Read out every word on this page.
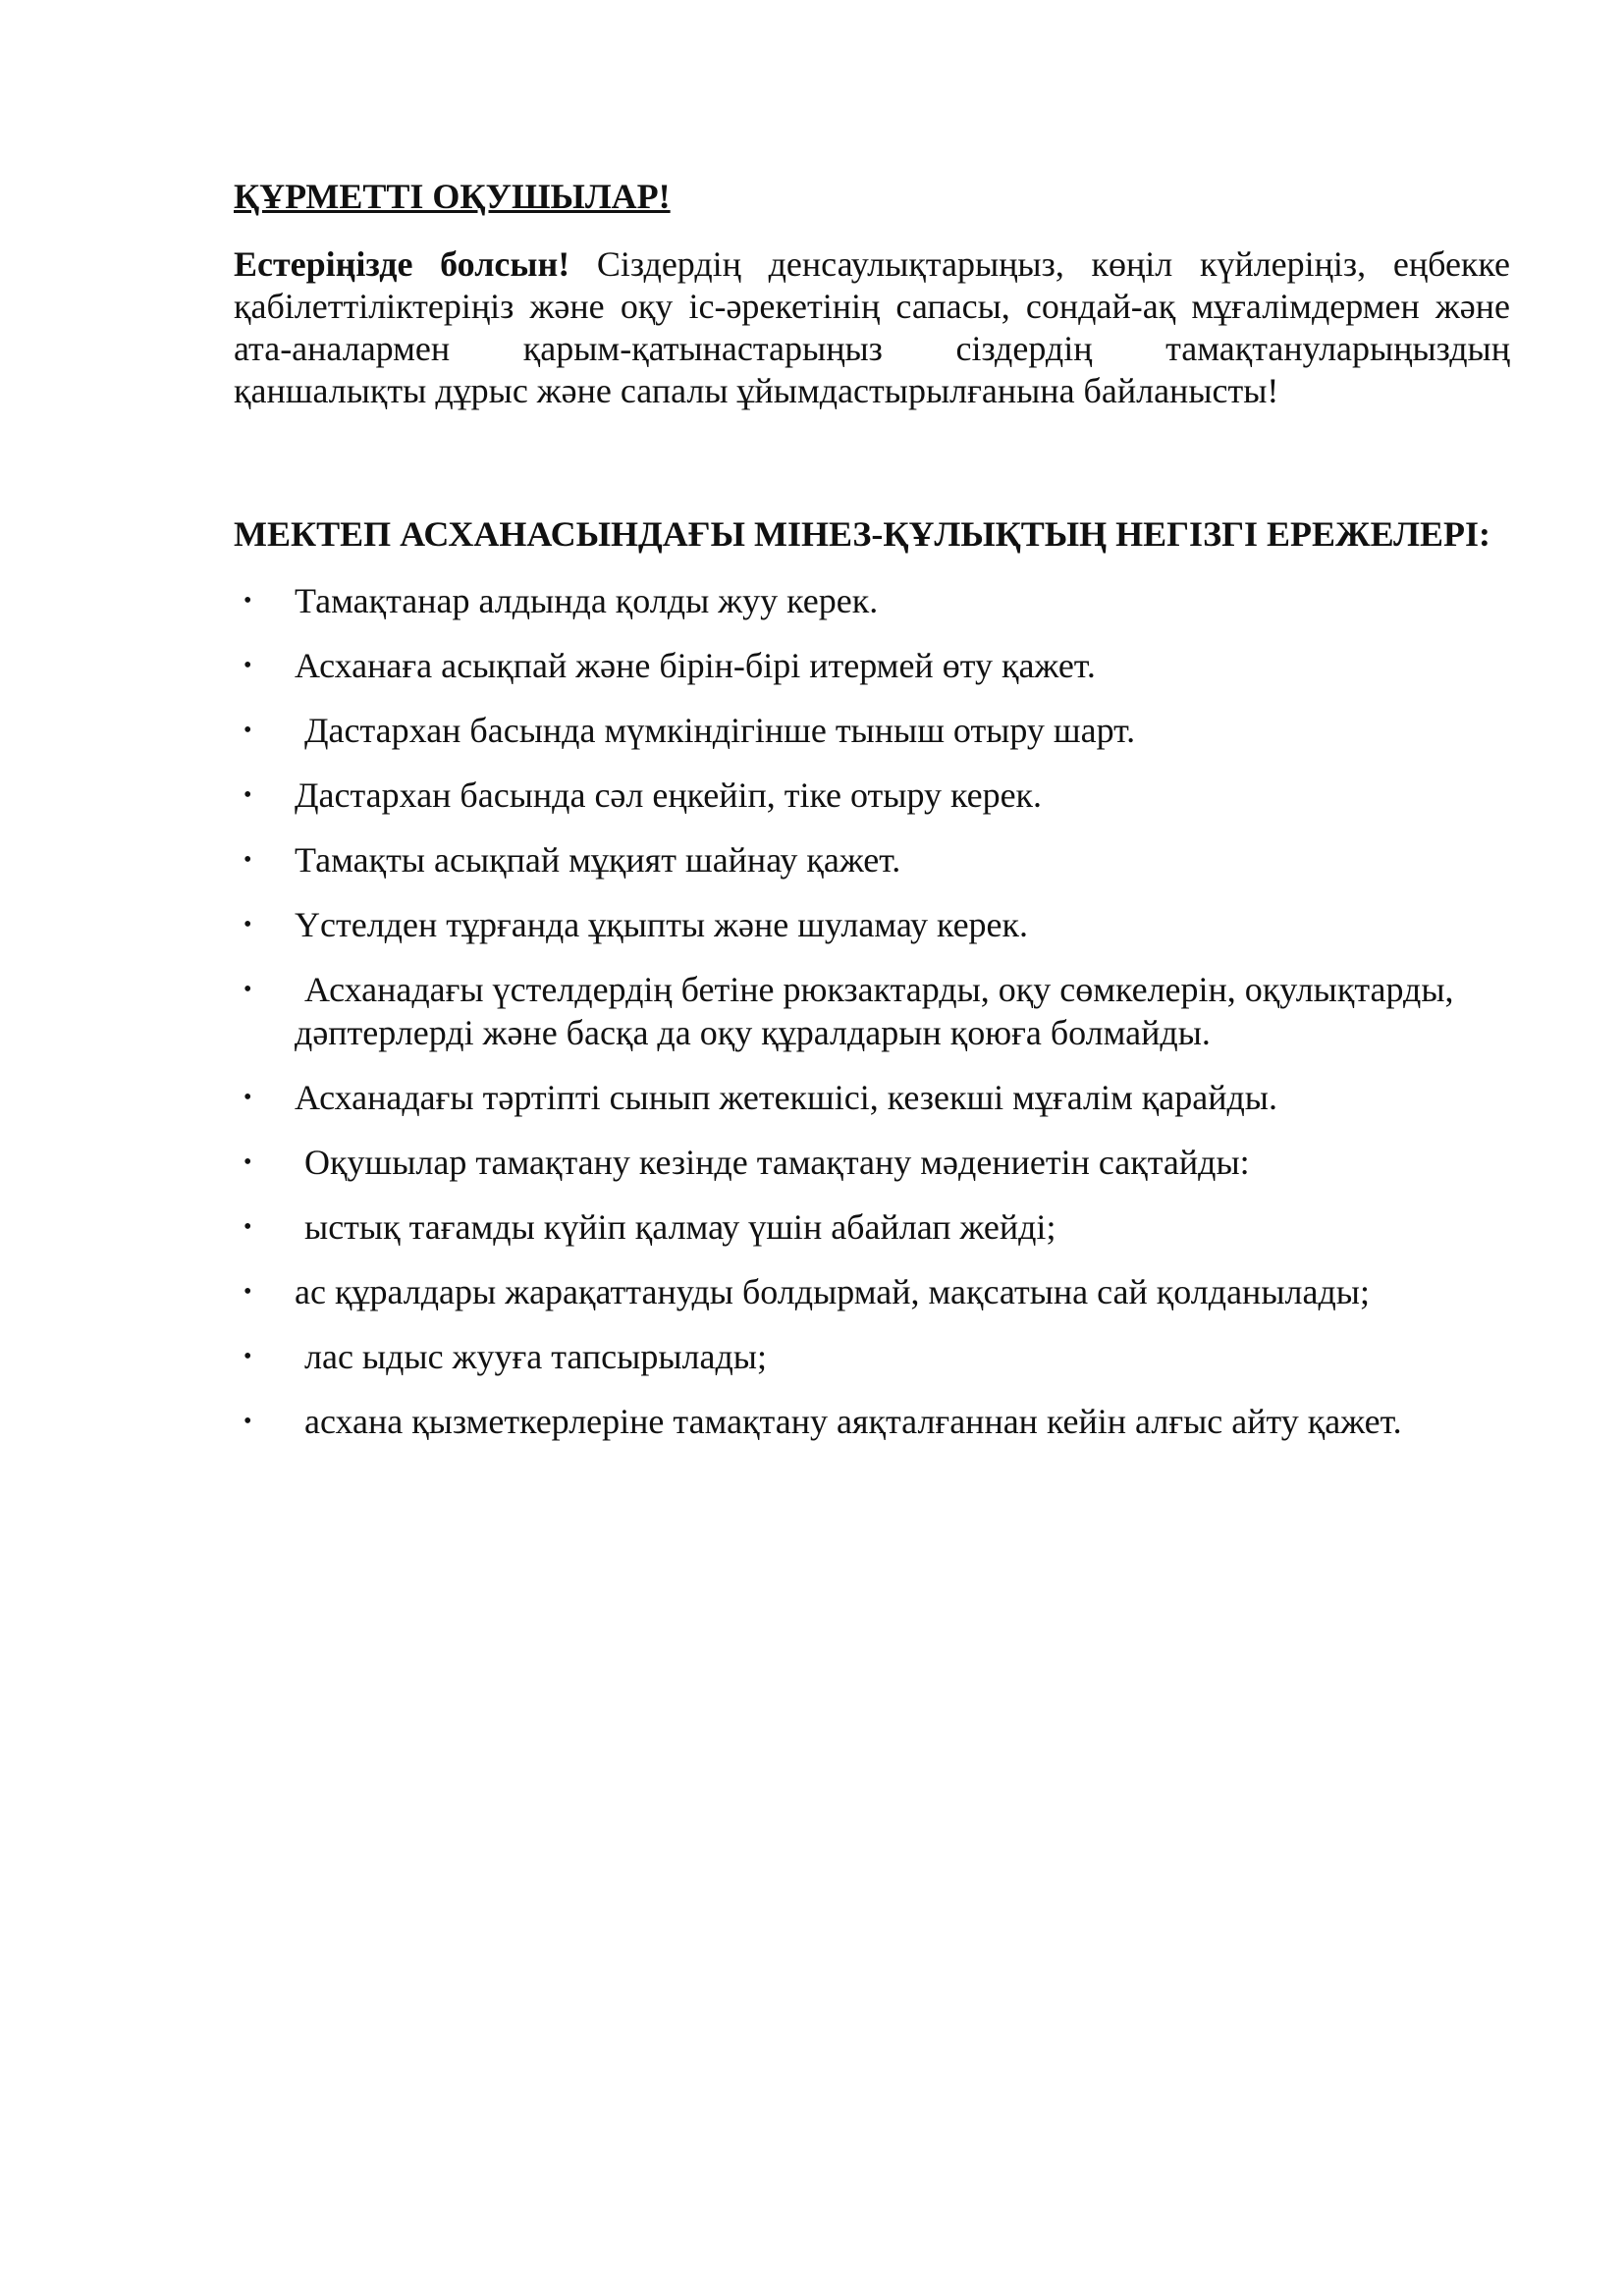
ҚҰРМЕТТІ ОҚУШЫЛАР!

Естеріңізде болсын! Сіздердің денсаулықтарыңыз, көңіл күйлеріңіз, еңбекке қабілеттіліктеріңіз және оқу іс-әрекетінің сапасы, сондай-ақ мұғалімдермен және ата-аналармен қарым-қатынастарыңыз сіздердің тамақтануларыңыздың қаншалықты дұрыс және сапалы ұйымдастырылғанына байланысты!

МЕКТЕП АСХАНАСЫНДАҒЫ МІНЕЗ-ҚҰЛЫҚТЫҢ НЕГІЗГІ ЕРЕЖЕЛЕРІ:
• Тамақтанар алдында қолды жуу керек.
• Асханаға асықпай және бірін-бірі итермей өту қажет.
• Дастархан басында мүмкіндігінше тыныш отыру шарт.
• Дастархан басында сәл еңкейіп, тіке отыру керек.
• Тамақты асықпай мұқият шайнау қажет.
• Үстелден тұрғанда ұқыпты және шуламау керек.
• Асханадағы үстелдердің бетіне рюкзактарды, оқу сөмкелерін, оқулықтарды, дәптерлерді және басқа да оқу құралдарын қоюға болмайды.
• Асханадағы тәртіпті сынып жетекшісі, кезекші мұғалім қарайды.
• Оқушылар тамақтану кезінде тамақтану мәдениетін сақтайды:
• ыстық тағамды күйіп қалмау үшін абайлап жейді;
• ас құралдары жарақаттануды болдырмай, мақсатына сай қолданылады;
• лас ыдыс жууға тапсырылады;
• асхана қызметкерлеріне тамақтану аяқталғаннан кейін алғыс айту қажет.
